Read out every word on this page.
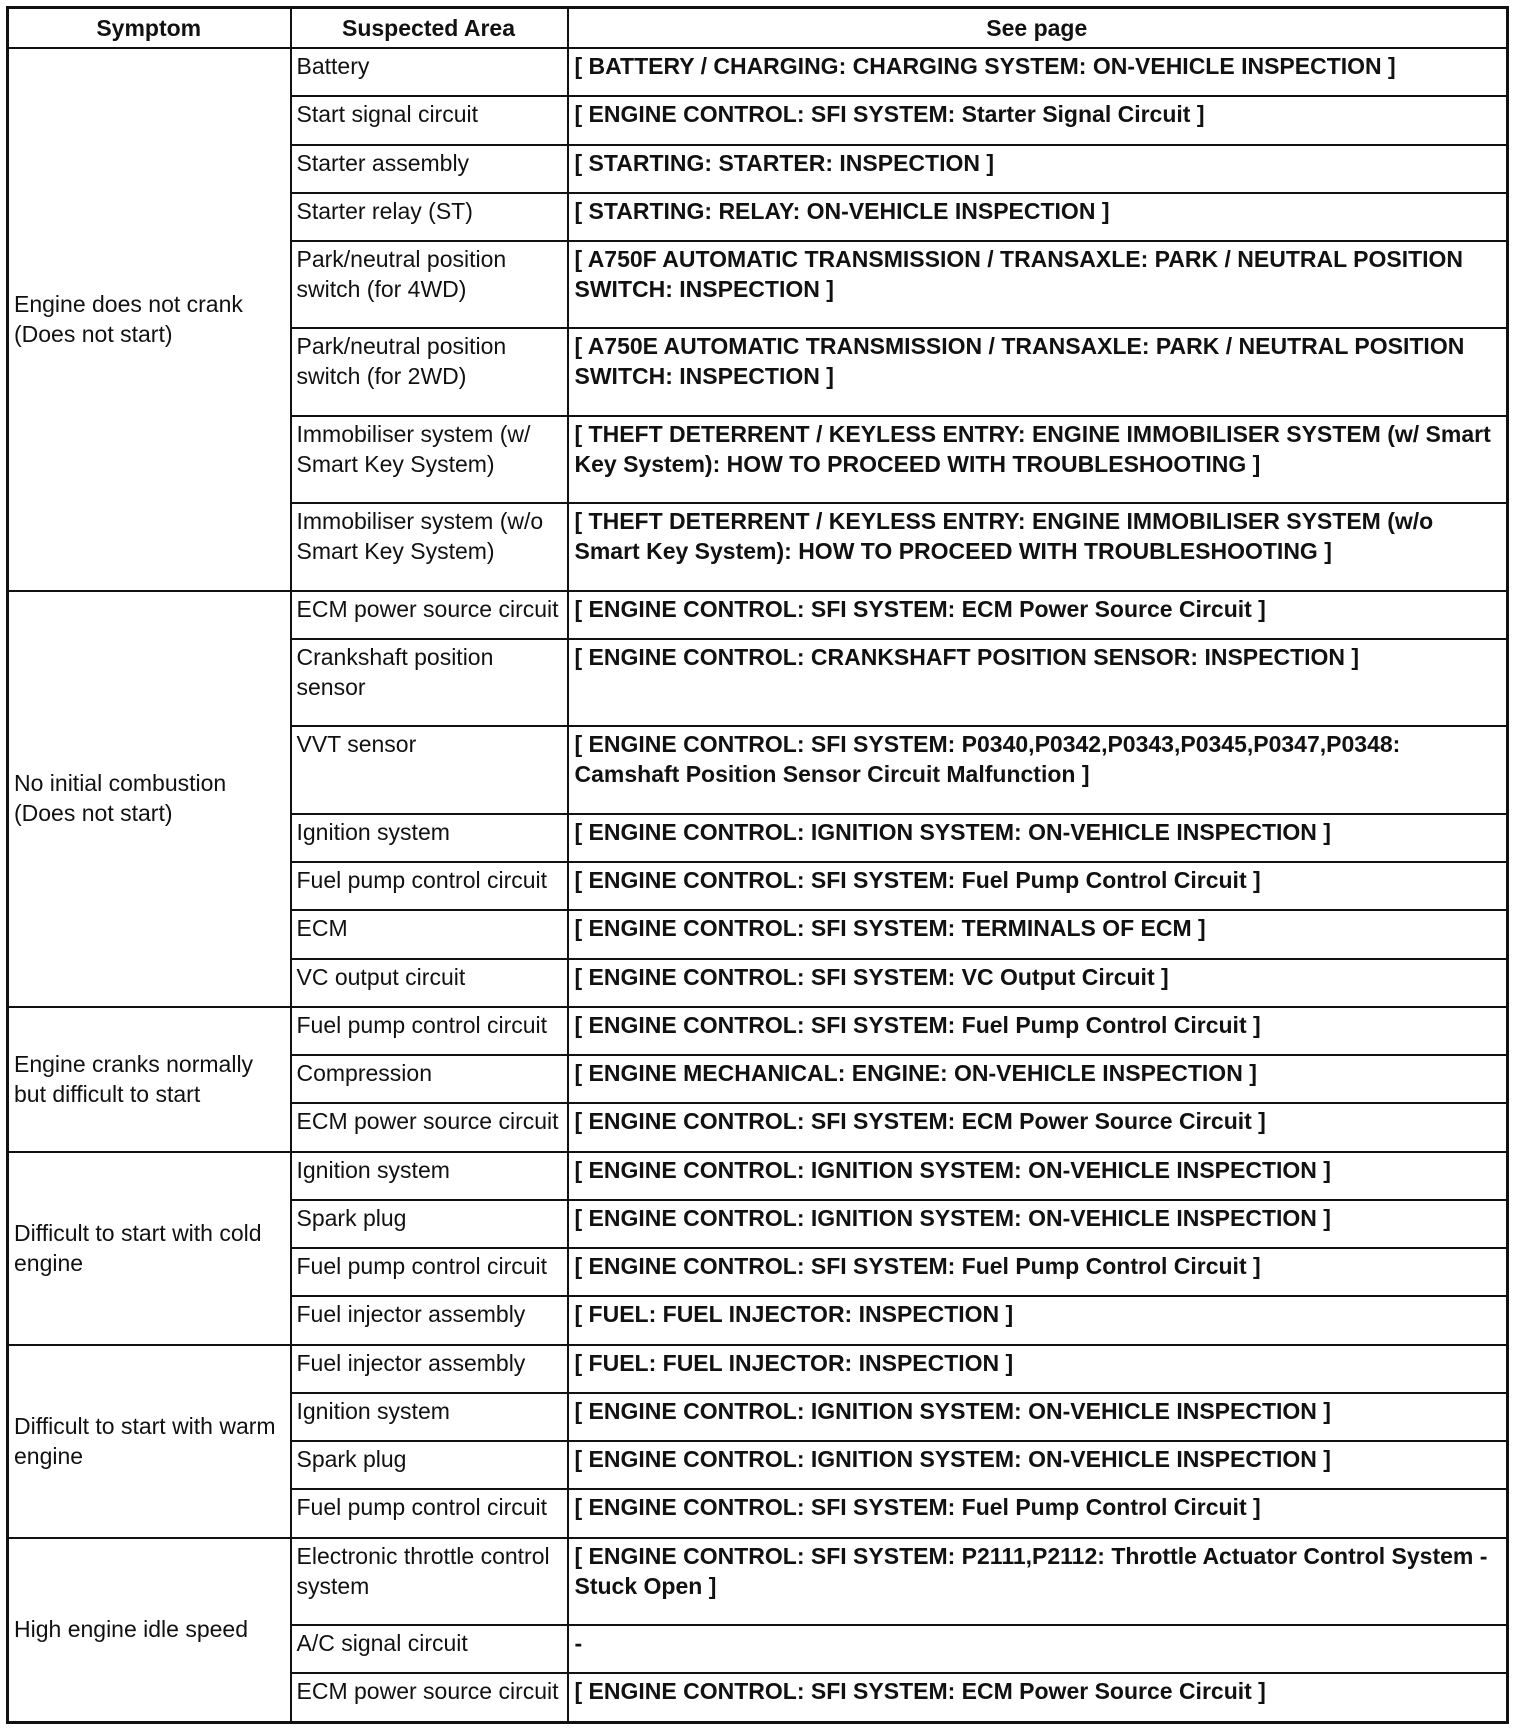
Symptom	Suspected Area	See page
Engine does not crank (Does not start)	Battery	[ BATTERY / CHARGING: CHARGING SYSTEM: ON-VEHICLE INSPECTION ]
	Start signal circuit	[ ENGINE CONTROL: SFI SYSTEM: Starter Signal Circuit ]
	Starter assembly	[ STARTING: STARTER: INSPECTION ]
	Starter relay (ST)	[ STARTING: RELAY: ON-VEHICLE INSPECTION ]
	Park/neutral position switch (for 4WD)	[ A750F AUTOMATIC TRANSMISSION / TRANSAXLE: PARK / NEUTRAL POSITION SWITCH: INSPECTION ]
	Park/neutral position switch (for 2WD)	[ A750E AUTOMATIC TRANSMISSION / TRANSAXLE: PARK / NEUTRAL POSITION SWITCH: INSPECTION ]
	Immobiliser system (w/ Smart Key System)	[ THEFT DETERRENT / KEYLESS ENTRY: ENGINE IMMOBILISER SYSTEM (w/ Smart Key System): HOW TO PROCEED WITH TROUBLESHOOTING ]
	Immobiliser system (w/o Smart Key System)	[ THEFT DETERRENT / KEYLESS ENTRY: ENGINE IMMOBILISER SYSTEM (w/o Smart Key System): HOW TO PROCEED WITH TROUBLESHOOTING ]
No initial combustion (Does not start)	ECM power source circuit	[ ENGINE CONTROL: SFI SYSTEM: ECM Power Source Circuit ]
	Crankshaft position sensor	[ ENGINE CONTROL: CRANKSHAFT POSITION SENSOR: INSPECTION ]
	VVT sensor	[ ENGINE CONTROL: SFI SYSTEM: P0340,P0342,P0343,P0345,P0347,P0348: Camshaft Position Sensor Circuit Malfunction ]
	Ignition system	[ ENGINE CONTROL: IGNITION SYSTEM: ON-VEHICLE INSPECTION ]
	Fuel pump control circuit	[ ENGINE CONTROL: SFI SYSTEM: Fuel Pump Control Circuit ]
	ECM	[ ENGINE CONTROL: SFI SYSTEM: TERMINALS OF ECM ]
	VC output circuit	[ ENGINE CONTROL: SFI SYSTEM: VC Output Circuit ]
Engine cranks normally but difficult to start	Fuel pump control circuit	[ ENGINE CONTROL: SFI SYSTEM: Fuel Pump Control Circuit ]
	Compression	[ ENGINE MECHANICAL: ENGINE: ON-VEHICLE INSPECTION ]
	ECM power source circuit	[ ENGINE CONTROL: SFI SYSTEM: ECM Power Source Circuit ]
Difficult to start with cold engine	Ignition system	[ ENGINE CONTROL: IGNITION SYSTEM: ON-VEHICLE INSPECTION ]
	Spark plug	[ ENGINE CONTROL: IGNITION SYSTEM: ON-VEHICLE INSPECTION ]
	Fuel pump control circuit	[ ENGINE CONTROL: SFI SYSTEM: Fuel Pump Control Circuit ]
	Fuel injector assembly	[ FUEL: FUEL INJECTOR: INSPECTION ]
Difficult to start with warm engine	Fuel injector assembly	[ FUEL: FUEL INJECTOR: INSPECTION ]
	Ignition system	[ ENGINE CONTROL: IGNITION SYSTEM: ON-VEHICLE INSPECTION ]
	Spark plug	[ ENGINE CONTROL: IGNITION SYSTEM: ON-VEHICLE INSPECTION ]
	Fuel pump control circuit	[ ENGINE CONTROL: SFI SYSTEM: Fuel Pump Control Circuit ]
High engine idle speed	Electronic throttle control system	[ ENGINE CONTROL: SFI SYSTEM: P2111,P2112: Throttle Actuator Control System - Stuck Open ]
	A/C signal circuit	-
	ECM power source circuit	[ ENGINE CONTROL: SFI SYSTEM: ECM Power Source Circuit ]
